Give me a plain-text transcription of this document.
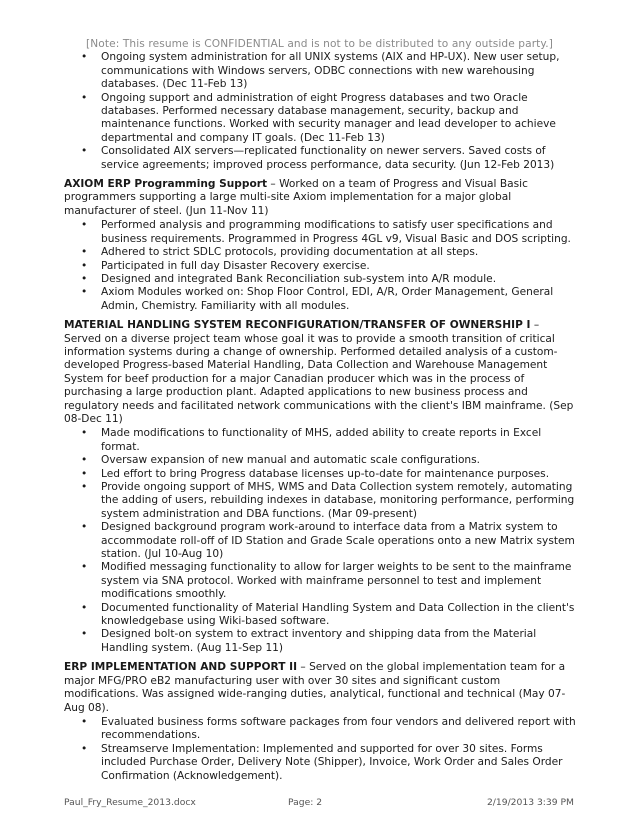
[Note: This resume is CONFIDENTIAL and is not to be distributed to any outside party.]
• Ongoing system administration for all UNIX systems (AIX and HP-UX). New user setup, communications with Windows servers, ODBC connections with new warehousing databases. (Dec 11-Feb 13)
• Ongoing support and administration of eight Progress databases and two Oracle databases. Performed necessary database management, security, backup and maintenance functions. Worked with security manager and lead developer to achieve departmental and company IT goals. (Dec 11-Feb 13)
• Consolidated AIX servers—replicated functionality on newer servers. Saved costs of service agreements; improved process performance, data security. (Jun 12-Feb 2013)

AXIOM ERP Programming Support – Worked on a team of Progress and Visual Basic programmers supporting a large multi-site Axiom implementation for a major global manufacturer of steel. (Jun 11-Nov 11)

• Performed analysis and programming modifications to satisfy user specifications and business requirements. Programmed in Progress 4GL v9, Visual Basic and DOS scripting.
• Adhered to strict SDLC protocols, providing documentation at all steps.
• Participated in full day Disaster Recovery exercise.
• Designed and integrated Bank Reconciliation sub-system into A/R module.
• Axiom Modules worked on: Shop Floor Control, EDI, A/R, Order Management, General Admin, Chemistry. Familiarity with all modules.

MATERIAL HANDLING SYSTEM RECONFIGURATION/TRANSFER OF OWNERSHIP I – Served on a diverse project team whose goal it was to provide a smooth transition of critical information systems during a change of ownership. Performed detailed analysis of a custom-developed Progress-based Material Handling, Data Collection and Warehouse Management System for beef production for a major Canadian producer which was in the process of purchasing a large production plant. Adapted applications to new business process and regulatory needs and facilitated network communications with the client's IBM mainframe. (Sep 08-Dec 11)

• Made modifications to functionality of MHS, added ability to create reports in Excel format.
• Oversaw expansion of new manual and automatic scale configurations.
• Led effort to bring Progress database licenses up-to-date for maintenance purposes.
• Provide ongoing support of MHS, WMS and Data Collection system remotely, automating the adding of users, rebuilding indexes in database, monitoring performance, performing system administration and DBA functions. (Mar 09-present)
• Designed background program work-around to interface data from a Matrix system to accommodate roll-off of ID Station and Grade Scale operations onto a new Matrix system station. (Jul 10-Aug 10)
• Modified messaging functionality to allow for larger weights to be sent to the mainframe system via SNA protocol. Worked with mainframe personnel to test and implement modifications smoothly.
• Documented functionality of Material Handling System and Data Collection in the client's knowledgebase using Wiki-based software.
• Designed bolt-on system to extract inventory and shipping data from the Material Handling system. (Aug 11-Sep 11)

ERP IMPLEMENTATION AND SUPPORT II – Served on the global implementation team for a major MFG/PRO eB2 manufacturing user with over 30 sites and significant custom modifications. Was assigned wide-ranging duties, analytical, functional and technical (May 07-Aug 08).

• Evaluated business forms software packages from four vendors and delivered report with recommendations.
• Streamserve Implementation: Implemented and supported for over 30 sites. Forms included Purchase Order, Delivery Note (Shipper), Invoice, Work Order and Sales Order Confirmation (Acknowledgement).
Paul_Fry_Resume_2013.docx	Page: 2	2/19/2013 3:39 PM
